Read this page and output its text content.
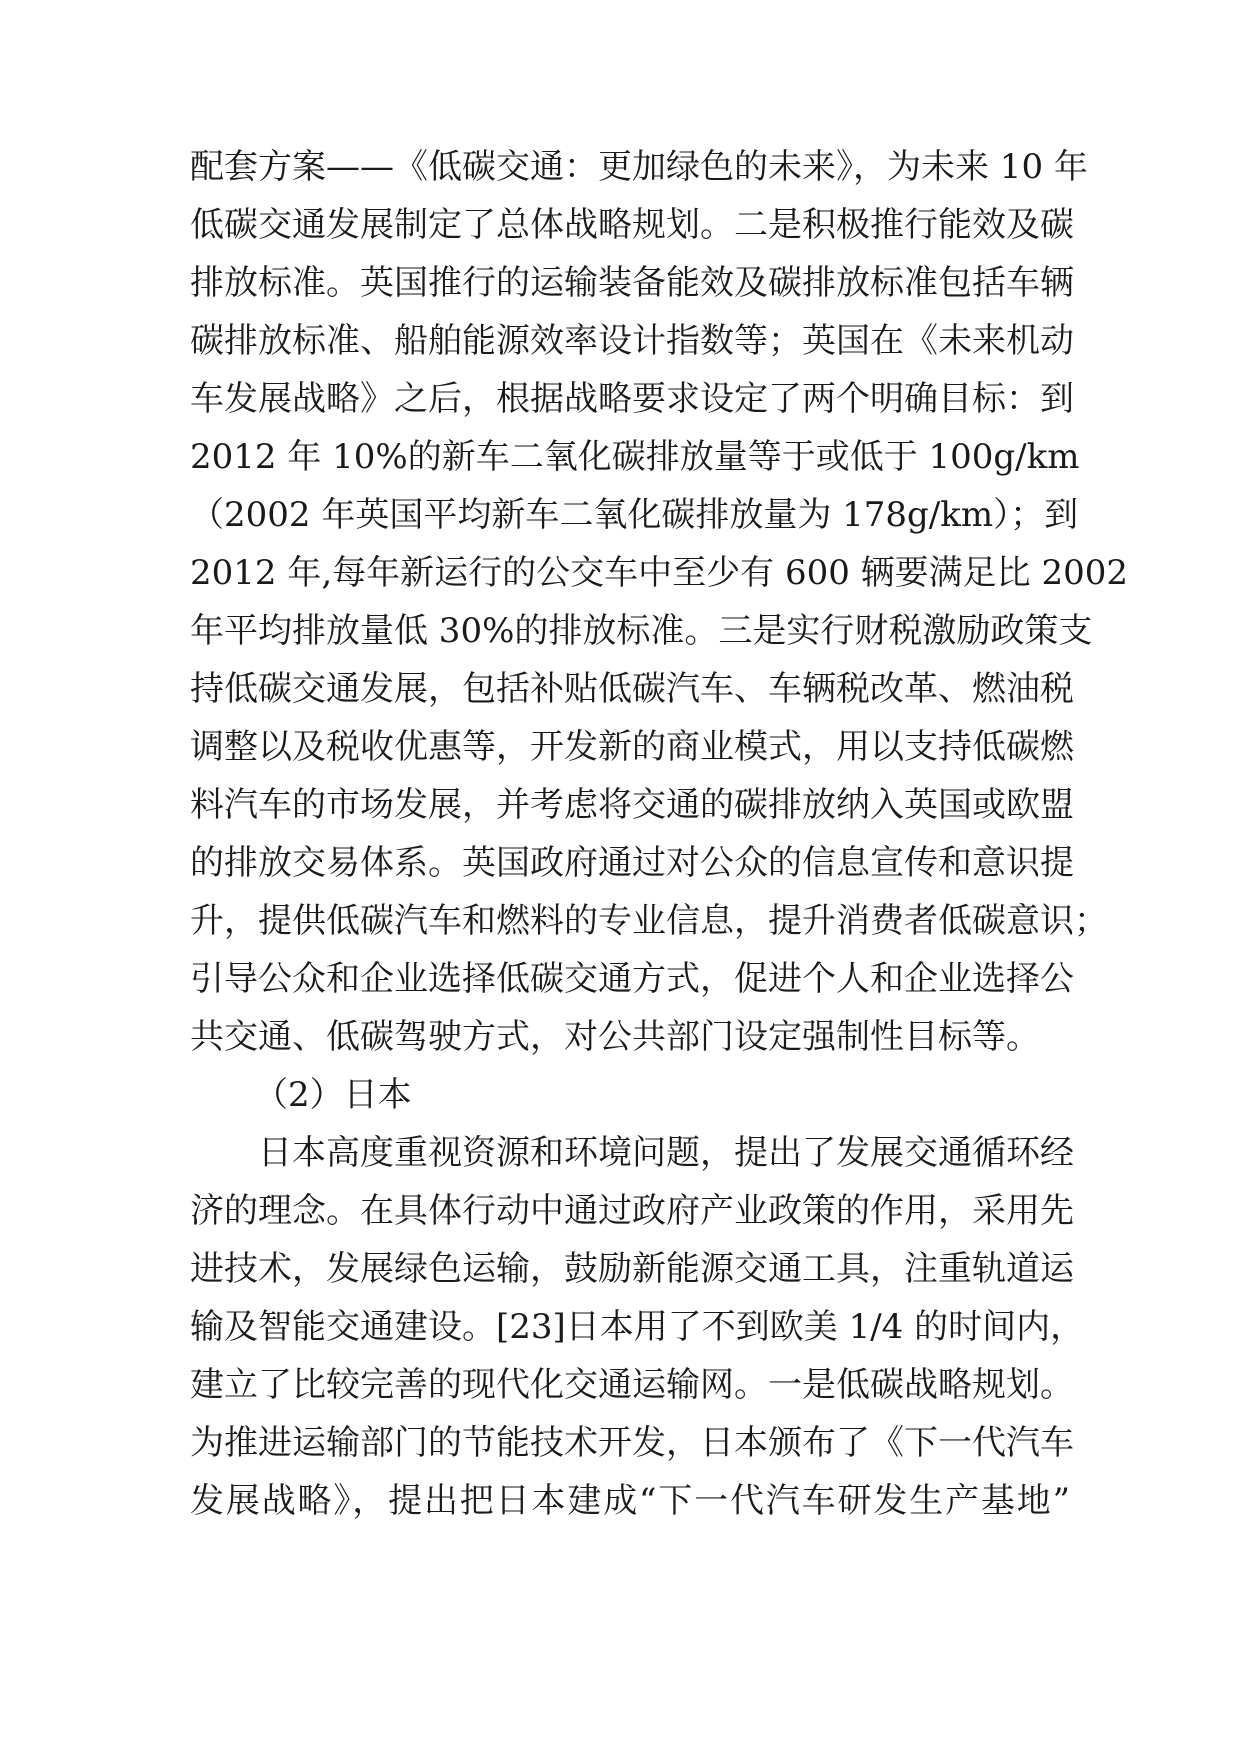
配套方案——《低碳交通：更加绿色的未来》，为未来 10 年
低碳交通发展制定了总体战略规划。二是积极推行能效及碳
排放标准。英国推行的运输装备能效及碳排放标准包括车辆
碳排放标准、船舶能源效率设计指数等；英国在《未来机动
车发展战略》之后，根据战略要求设定了两个明确目标：到
2012 年 10%的新车二氧化碳排放量等于或低于 100g/km
（2002 年英国平均新车二氧化碳排放量为 178g/km）；到
2012 年,每年新运行的公交车中至少有 600 辆要满足比 2002
年平均排放量低 30%的排放标准。三是实行财税激励政策支
持低碳交通发展，包括补贴低碳汽车、车辆税改革、燃油税
调整以及税收优惠等，开发新的商业模式，用以支持低碳燃
料汽车的市场发展，并考虑将交通的碳排放纳入英国或欧盟
的排放交易体系。英国政府通过对公众的信息宣传和意识提
升，提供低碳汽车和燃料的专业信息，提升消费者低碳意识；
引导公众和企业选择低碳交通方式，促进个人和企业选择公
共交通、低碳驾驶方式，对公共部门设定强制性目标等。
（2）日本
日本高度重视资源和环境问题，提出了发展交通循环经
济的理念。在具体行动中通过政府产业政策的作用，采用先
进技术，发展绿色运输，鼓励新能源交通工具，注重轨道运
输及智能交通建设。[23]日本用了不到欧美 1/4 的时间内，
建立了比较完善的现代化交通运输网。一是低碳战略规划。
为推进运输部门的节能技术开发，日本颁布了《下一代汽车
发展战略》，提出把日本建成“下一代汽车研发生产基地”
